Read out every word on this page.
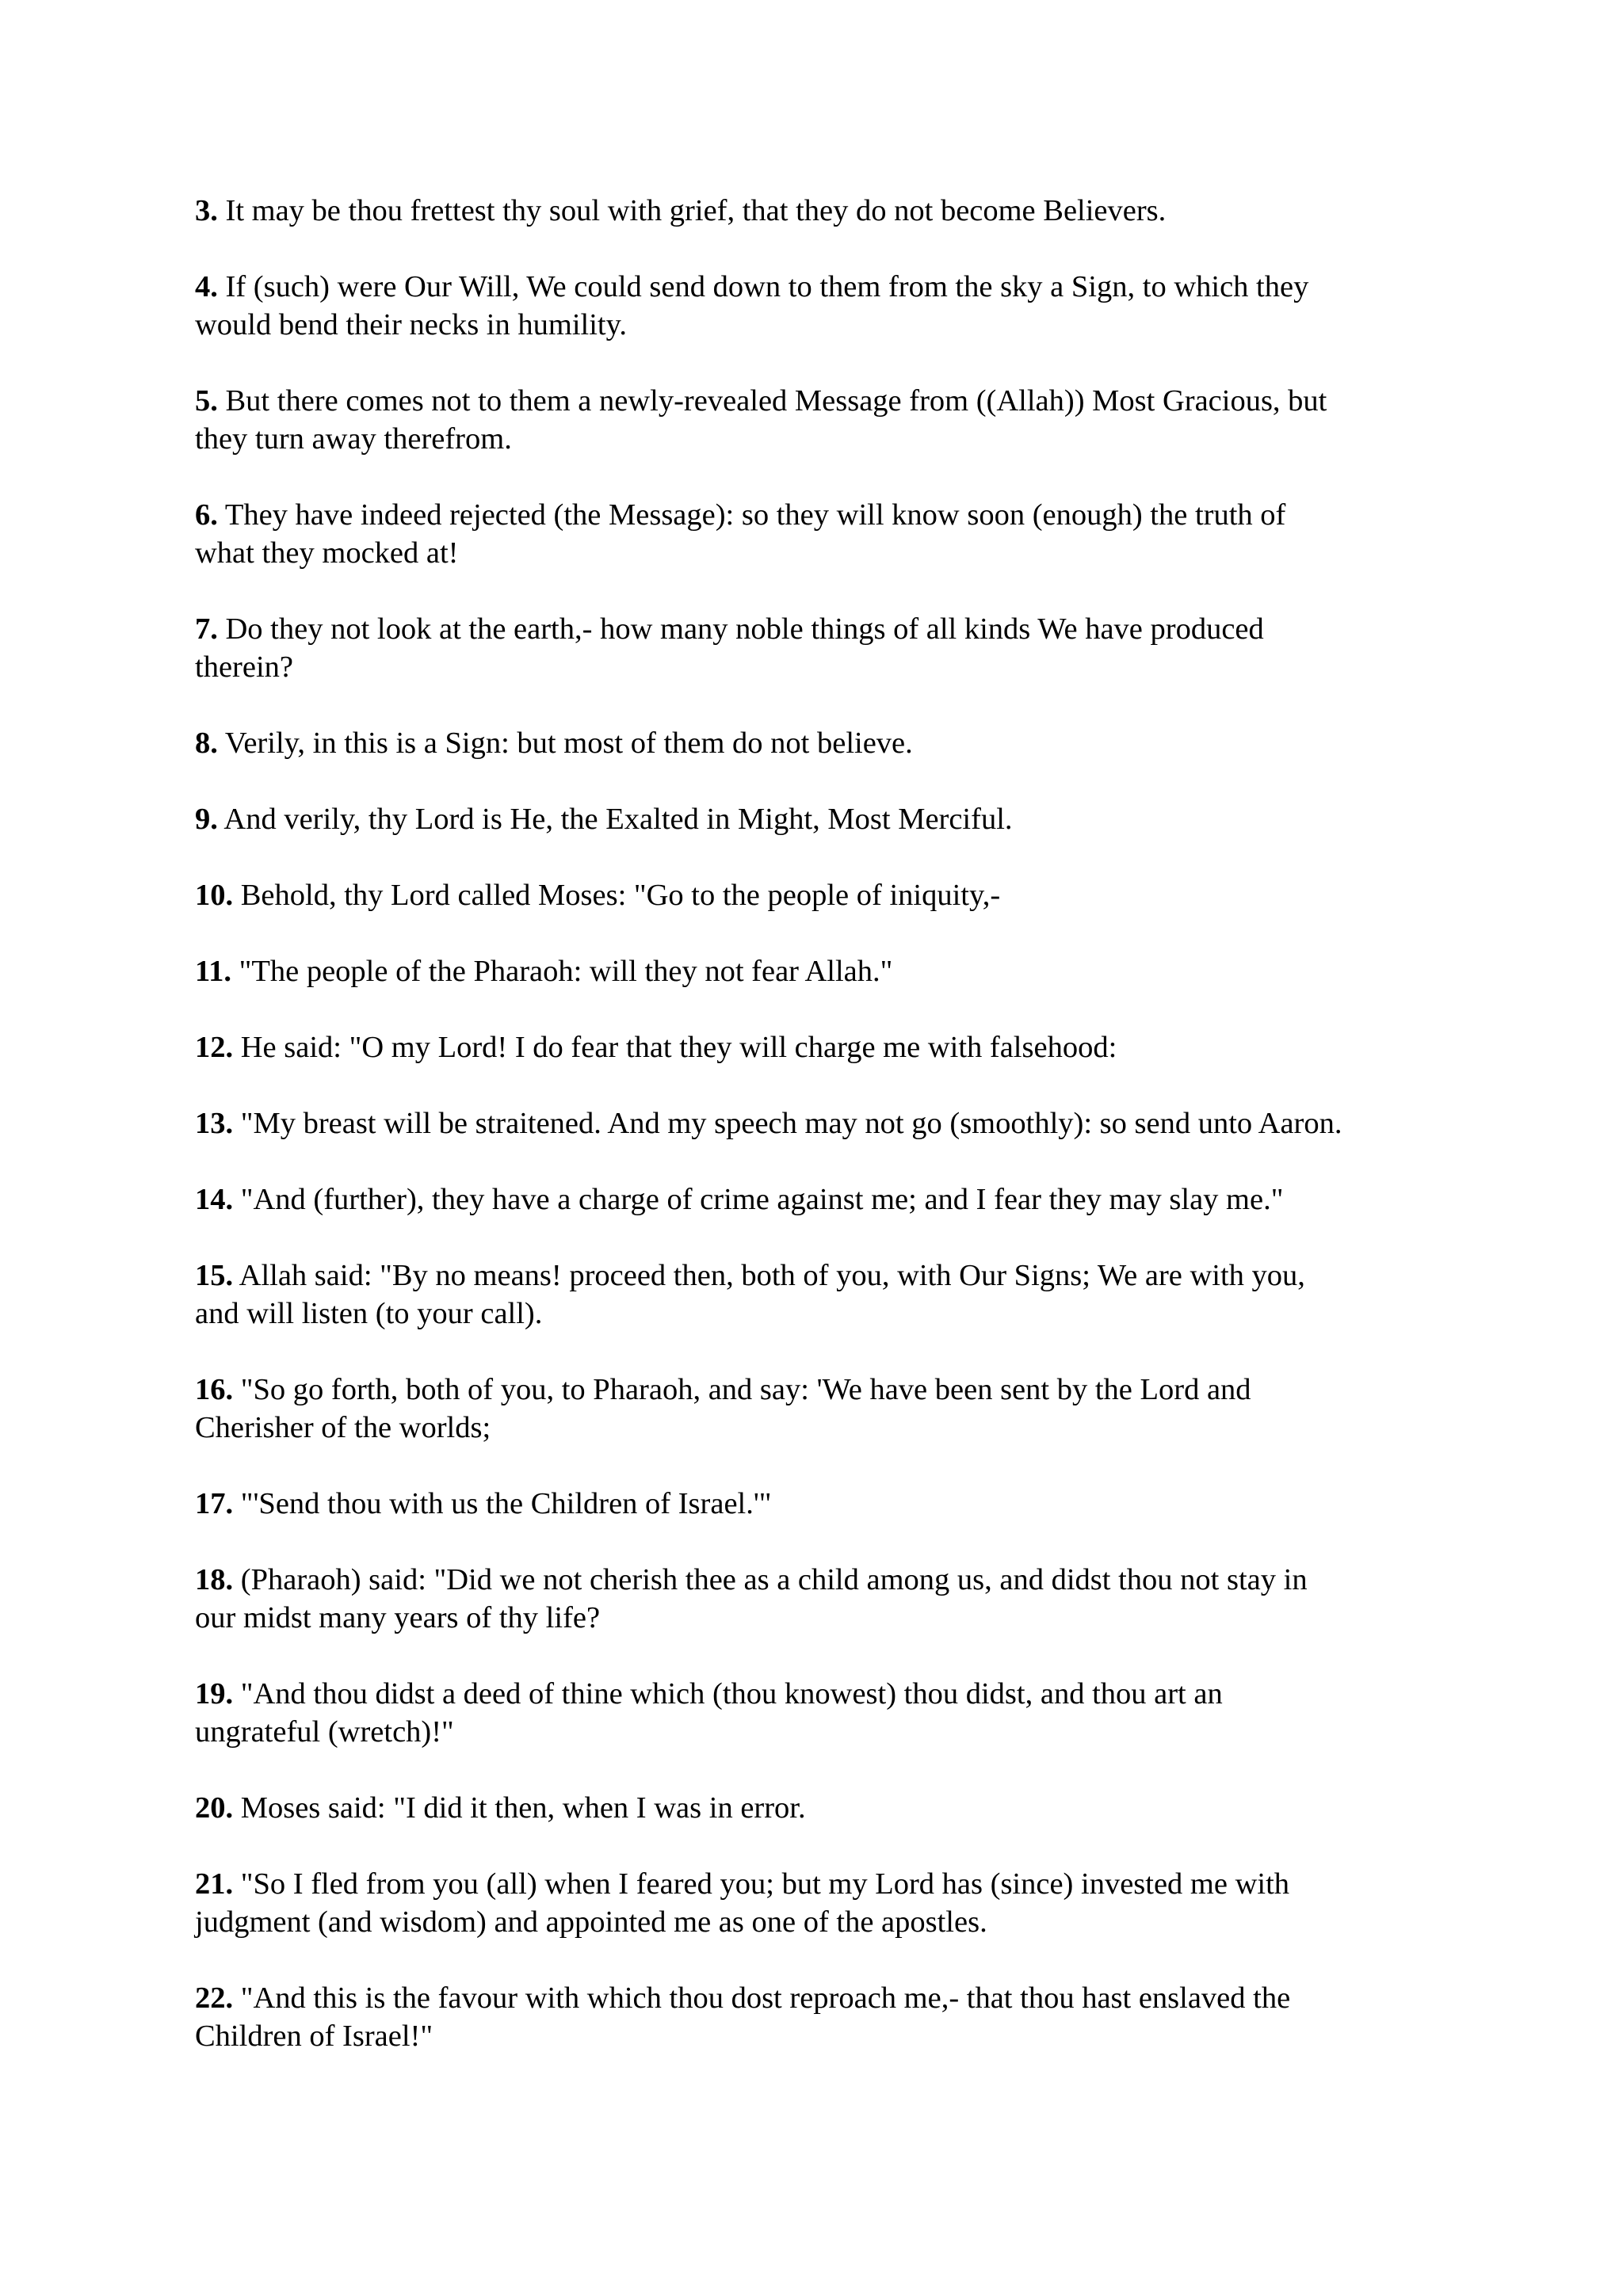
3. It may be thou frettest thy soul with grief, that they do not become Believers.
4. If (such) were Our Will, We could send down to them from the sky a Sign, to which they
would bend their necks in humility.
5. But there comes not to them a newly-revealed Message from ((Allah)) Most Gracious, but
they turn away therefrom.
6. They have indeed rejected (the Message): so they will know soon (enough) the truth of
what they mocked at!
7. Do they not look at the earth,- how many noble things of all kinds We have produced
therein?
8. Verily, in this is a Sign: but most of them do not believe.
9. And verily, thy Lord is He, the Exalted in Might, Most Merciful.
10. Behold, thy Lord called Moses: "Go to the people of iniquity,-
11. "The people of the Pharaoh: will they not fear Allah."
12. He said: "O my Lord! I do fear that they will charge me with falsehood:
13. "My breast will be straitened. And my speech may not go (smoothly): so send unto Aaron.
14. "And (further), they have a charge of crime against me; and I fear they may slay me."
15. Allah said: "By no means! proceed then, both of you, with Our Signs; We are with you,
and will listen (to your call).
16. "So go forth, both of you, to Pharaoh, and say: 'We have been sent by the Lord and
Cherisher of the worlds;
17. "'Send thou with us the Children of Israel.'"
18. (Pharaoh) said: "Did we not cherish thee as a child among us, and didst thou not stay in
our midst many years of thy life?
19. "And thou didst a deed of thine which (thou knowest) thou didst, and thou art an
ungrateful (wretch)!"
20. Moses said: "I did it then, when I was in error.
21. "So I fled from you (all) when I feared you; but my Lord has (since) invested me with
judgment (and wisdom) and appointed me as one of the apostles.
22. "And this is the favour with which thou dost reproach me,- that thou hast enslaved the
Children of Israel!"
